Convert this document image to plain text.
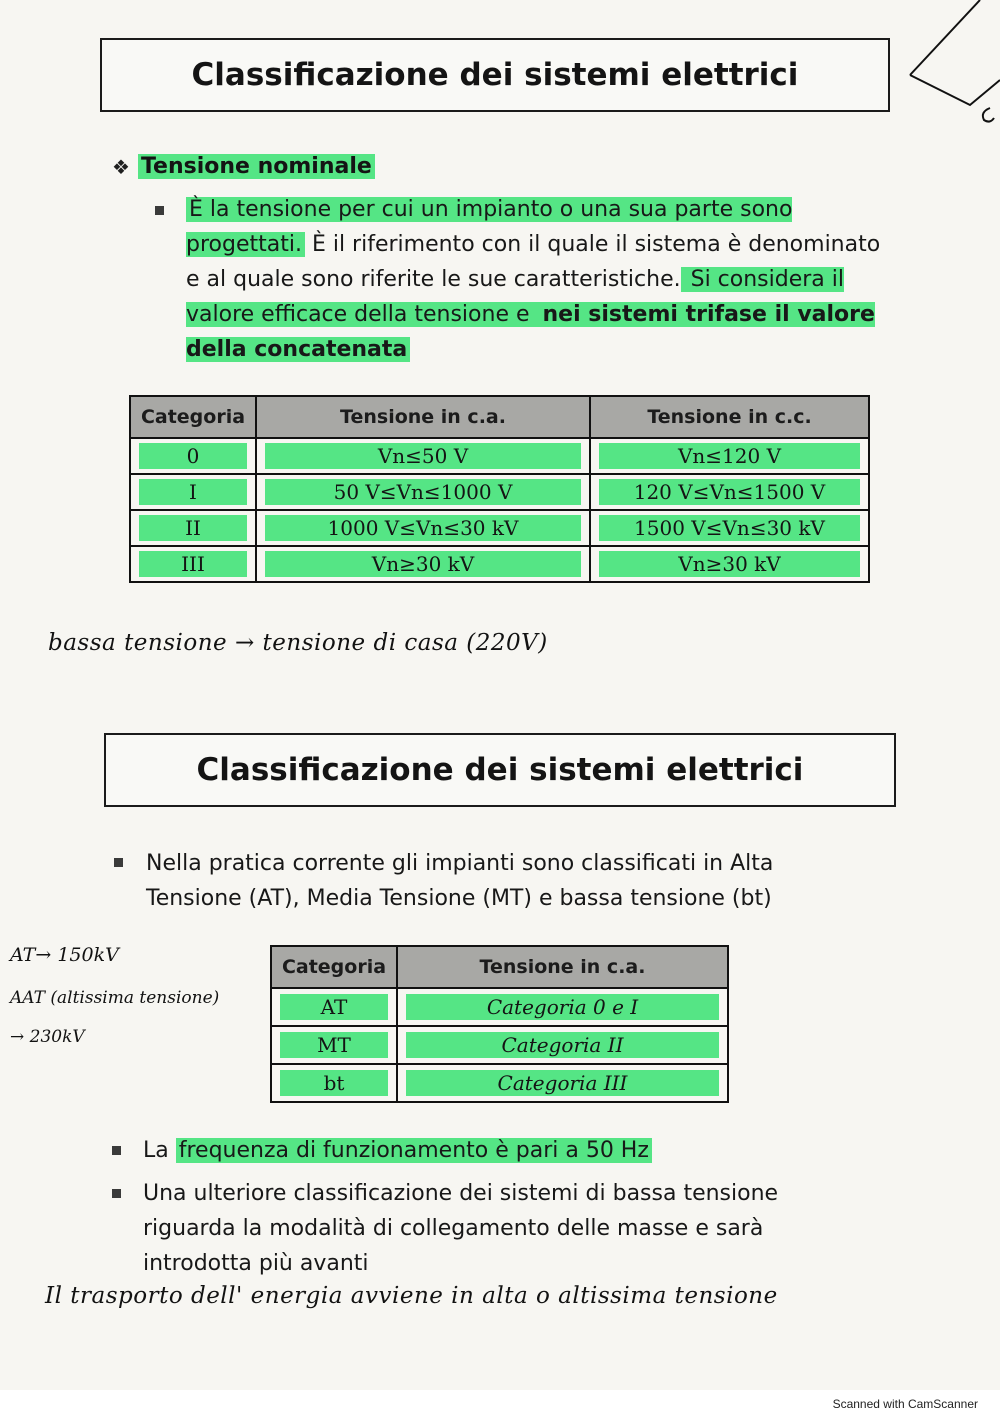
Classificazione dei sistemi elettrici
❖ Tensione nominale
È la tensione per cui un impianto o una sua parte sono progettati. È il riferimento con il quale il sistema è denominato e al quale sono riferite le sue caratteristiche. Si considera il valore efficace della tensione e nei sistemi trifase il valore della concatenata
Categoria	Tensione in c.a.	Tensione in c.c.

0	Vn≤50 V	Vn≤120 V

I	50 V≤Vn≤1000 V	120 V≤Vn≤1500 V

II	1000 V≤Vn≤30 kV	1500 V≤Vn≤30 kV

III	Vn≥30 kV	Vn≥30 kV
bassa tensione → tensione di casa (220V)
Classificazione dei sistemi elettrici
Nella pratica corrente gli impianti sono classificati in Alta Tensione (AT), Media Tensione (MT) e bassa tensione (bt)
AT→ 150kV
AAT (altissima tensione)
→ 230kV
Categoria	Tensione in c.a.

AT	Categoria 0 e I

MT	Categoria II

bt	Categoria III
La frequenza di funzionamento è pari a 50 Hz
Una ulteriore classificazione dei sistemi di bassa tensione riguarda la modalità di collegamento delle masse e sarà introdotta più avanti
Il trasporto dell' energia avviene in alta o altissima tensione
Scanned with CamScanner
